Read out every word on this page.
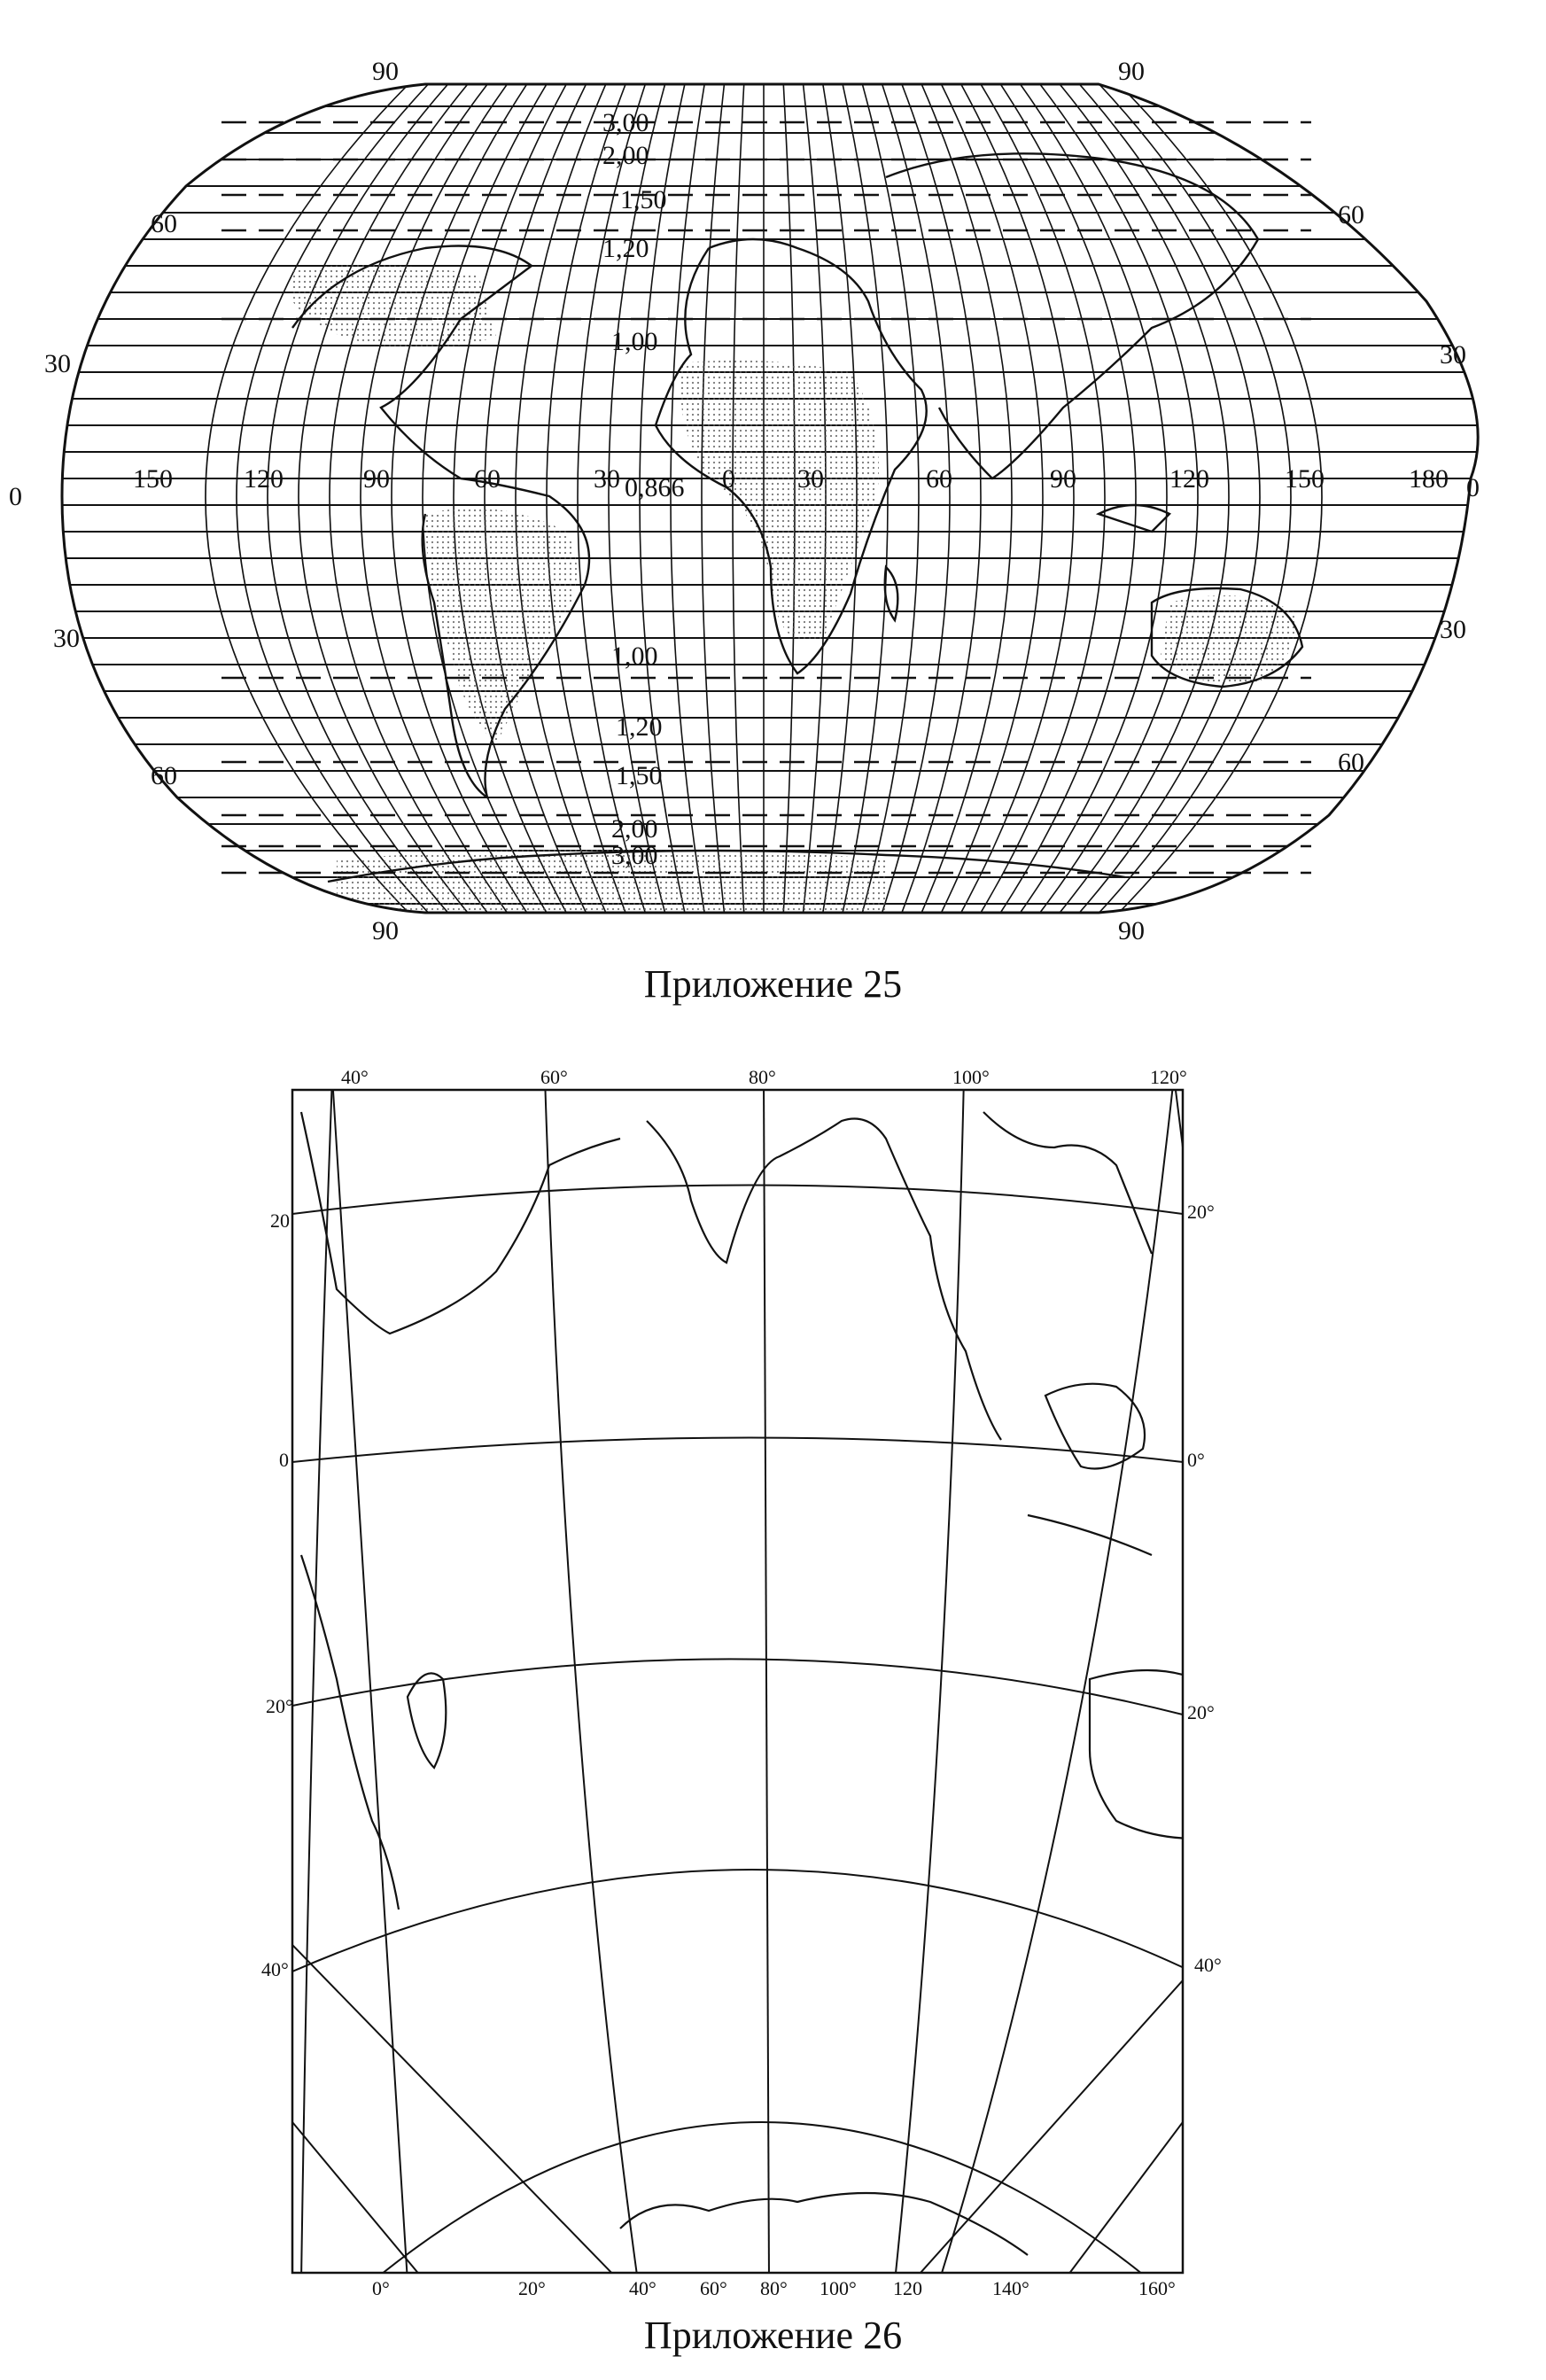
90	90
90	90
60
30
0
30
60
60
30
0
30
60
150	120	90	60	30	0 30	60	90	120	150	180
3,00
2,00
1,50
1,20
1,00
0,866
1,00
1,20
1,50
2,00
3,00
Приложение 25
40°	60°	80°	100°	120°
20
0
20°
40°
20°
0°
20°
40°
0°	20°	40° 60° 80° 100° 120	140°	160°
Приложение 26
